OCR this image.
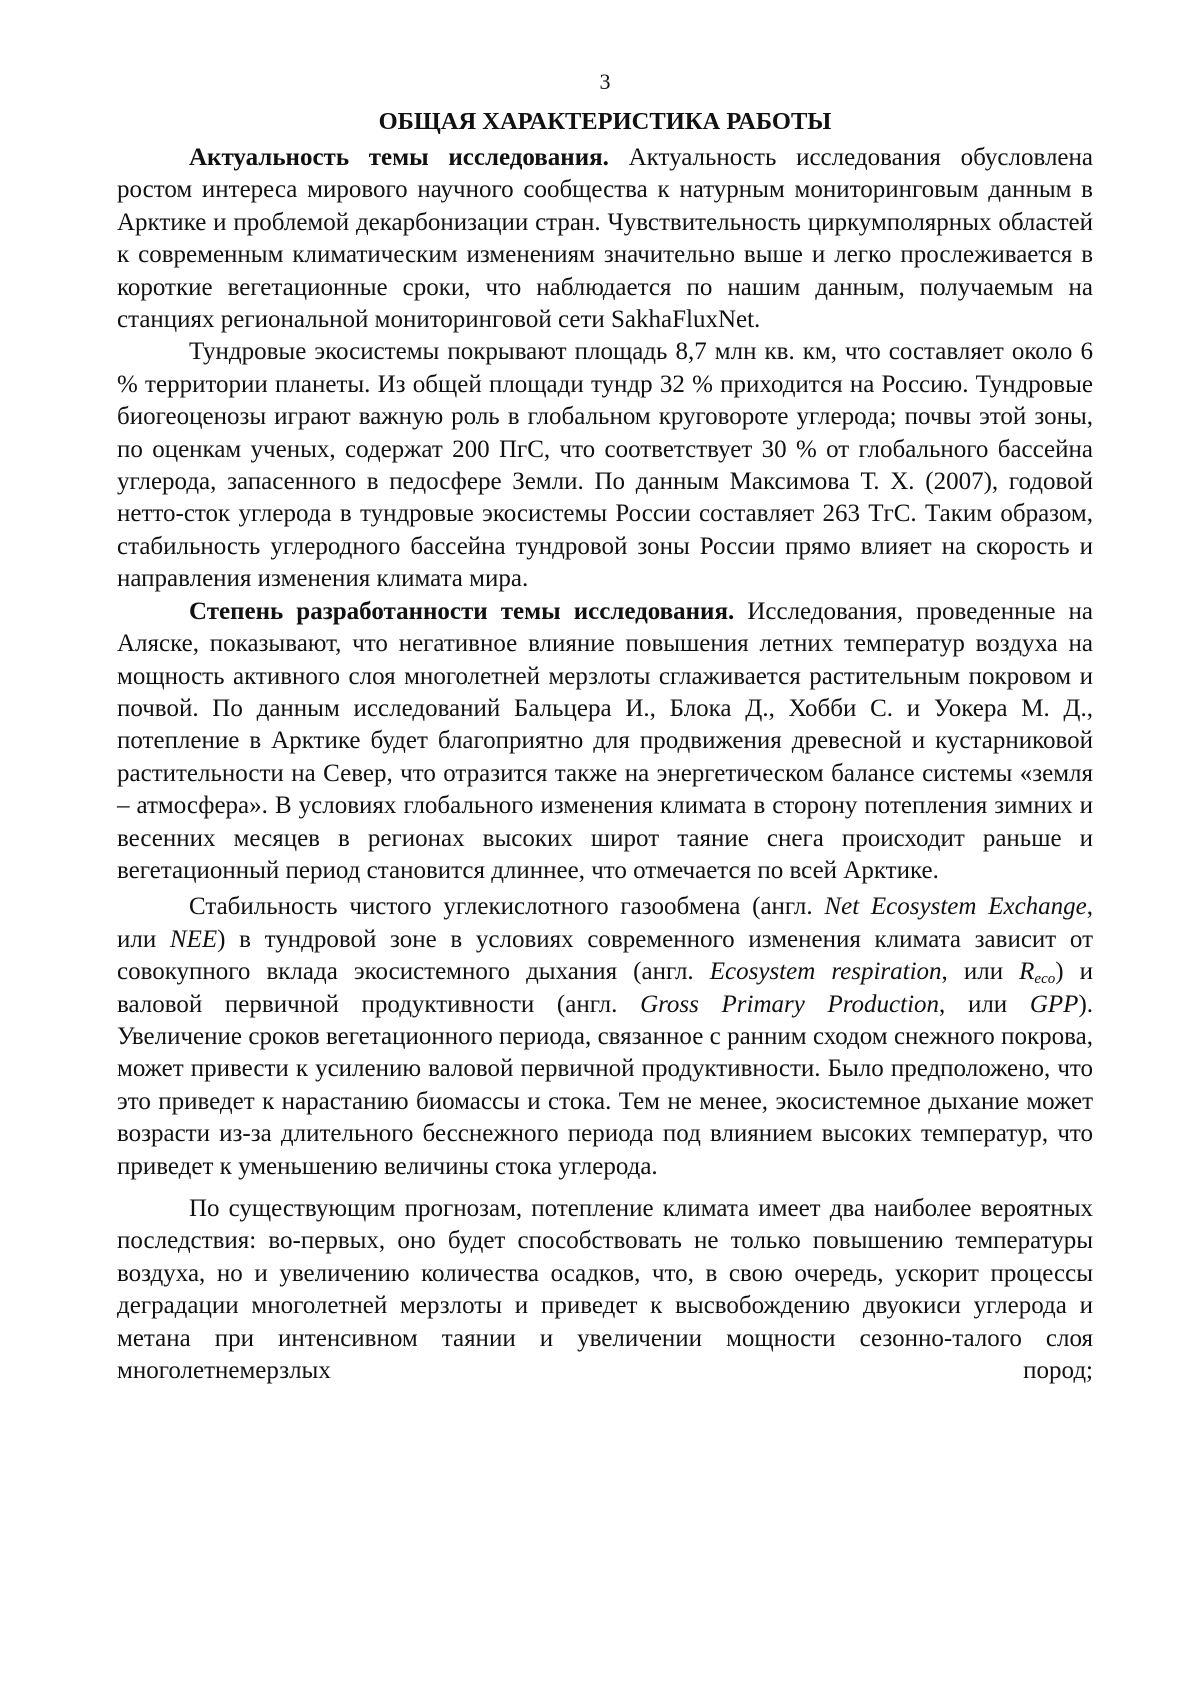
3
ОБЩАЯ ХАРАКТЕРИСТИКА РАБОТЫ

Актуальность темы исследования. Актуальность исследования обусловлена ростом интереса мирового научного сообщества к натурным мониторинговым данным в Арктике и проблемой декарбонизации стран. Чувствительность циркумполярных областей к современным климатическим изменениям значительно выше и легко прослеживается в короткие вегетационные сроки, что наблюдается по нашим данным, получаемым на станциях региональной мониторинговой сети SakhaFluxNet.

Тундровые экосистемы покрывают площадь 8,7 млн кв. км, что составляет около 6 % территории планеты. Из общей площади тундр 32 % приходится на Россию. Тундровые биогеоценозы играют важную роль в глобальном круговороте углерода; почвы этой зоны, по оценкам ученых, содержат 200 ПгС, что соответствует 30 % от глобального бассейна углерода, запасенного в педосфере Земли. По данным Максимова Т. Х. (2007), годовой нетто-сток углерода в тундровые экосистемы России составляет 263 ТгС. Таким образом, стабильность углеродного бассейна тундровой зоны России прямо влияет на скорость и направления изменения климата мира.

Степень разработанности темы исследования. Исследования, проведенные на Аляске, показывают, что негативное влияние повышения летних температур воздуха на мощность активного слоя многолетней мерзлоты сглаживается растительным покровом и почвой. По данным исследований Бальцера И., Блока Д., Хобби С. и Уокера М. Д., потепление в Арктике будет благоприятно для продвижения древесной и кустарниковой растительности на Север, что отразится также на энергетическом балансе системы «земля – атмосфера». В условиях глобального изменения климата в сторону потепления зимних и весенних месяцев в регионах высоких широт таяние снега происходит раньше и вегетационный период становится длиннее, что отмечается по всей Арктике.

Стабильность чистого углекислотного газообмена (англ. Net Ecosystem Exchange, или NEE) в тундровой зоне в условиях современного изменения климата зависит от совокупного вклада экосистемного дыхания (англ. Ecosystem respiration, или $R_{eco}$) и валовой первичной продуктивности (англ. Gross Primary Production, или GPP). Увеличение сроков вегетационного периода, связанное с ранним сходом снежного покрова, может привести к усилению валовой первичной продуктивности. Было предположено, что это приведет к нарастанию биомассы и стока. Тем не менее, экосистемное дыхание может возрасти из-за длительного бесснежного периода под влиянием высоких температур, что приведет к уменьшению величины стока углерода.

По существующим прогнозам, потепление климата имеет два наиболее вероятных последствия: во-первых, оно будет способствовать не только повышению температуры воздуха, но и увеличению количества осадков, что, в свою очередь, ускорит процессы деградации многолетней мерзлоты и приведет к высвобождению двуокиси углерода и метана при интенсивном таянии и увеличении мощности сезонно-талого слоя многолетнемерзлых пород;
